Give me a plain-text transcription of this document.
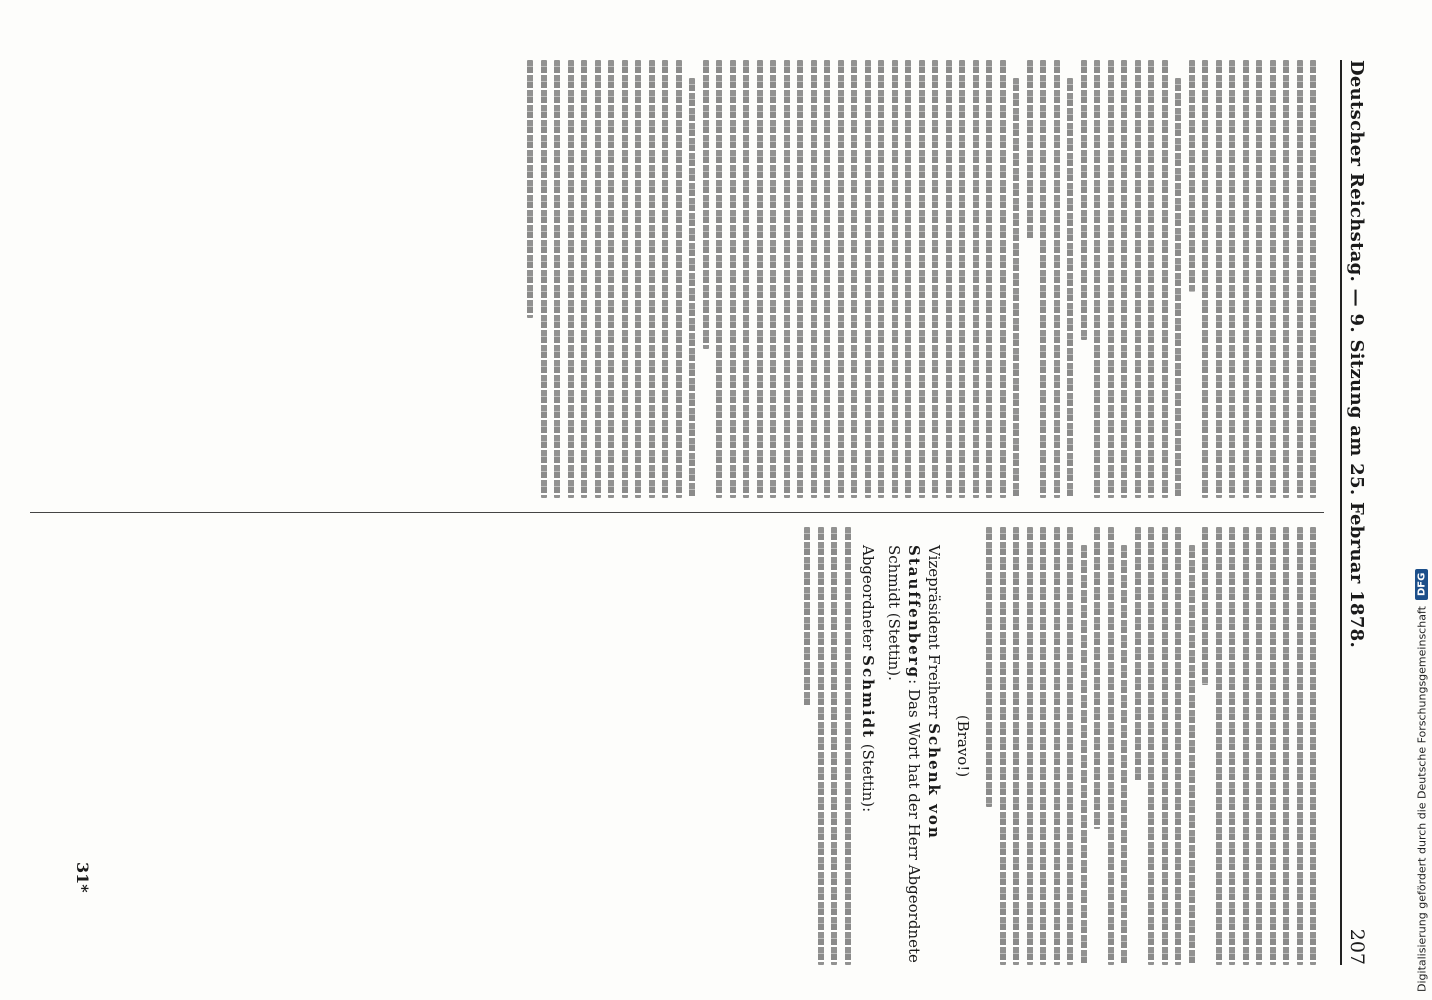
Deutscher Reichstag. — 9. Sitzung am 25. Februar 1878.
207
(Bravo!)
Vizepräsident Freiherr Schenk von Stauffenberg: Das Wort hat der Herr Abgeordnete Schmidt (Stettin).
Abgeordneter Schmidt (Stettin):
31*	Digitalisierung gefördert durch die Deutsche Forschungsgemeinschaft
DFG
